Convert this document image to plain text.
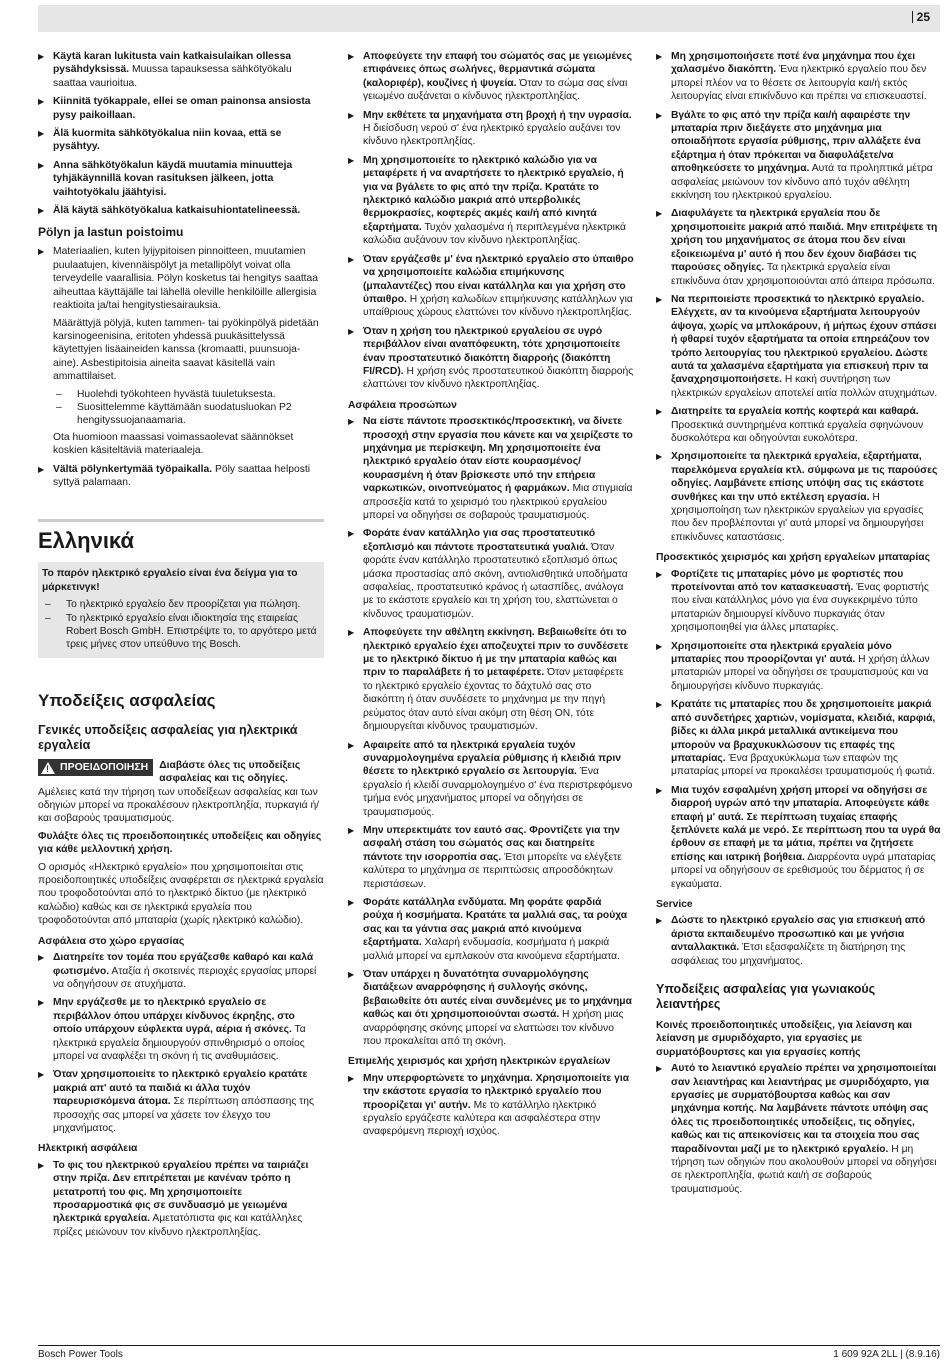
25
▶ Käytä karan lukitusta vain katkaisulaikan ollessa pysähdyksissä. Muussa tapauksessa sähkötyökalu saattaa vaurioitua.
▶ Kiinnitä työkappale, ellei se oman painonsa ansiosta pysy paikoillaan.
▶ Älä kuormita sähkötyökalua niin kovaa, että se pysähtyy.
▶ Anna sähkötyökalun käydä muutamia minuutteja tyhjäkäynnillä kovan rasituksen jälkeen, jotta vaihtotyökalu jäähtyisi.
▶ Älä käytä sähkötyökalua katkaisuhiontatelineessä.
Pölyn ja lastun poistoimu

▶ Materiaalien, kuten lyijypitoisen pinnoitteen, muutamien puulaatujen, kivennäispölyt ja metallipölyt voivat olla terveydelle vaarallisia. Pölyn kosketus tai hengitys saattaa aiheuttaa käyttäjälle tai lähellä oleville henkilöille allergisia reaktioita ja/tai hengitystiesairauksia.

Määrättyjä pölyjä, kuten tammen- tai pyökinpölyä pidetään karsinogeenisina, eritoten yhdessä puukäsittelyssä käytettyjen lisäaineiden kanssa (kromaatti, puunsuoja-aine). Asbestipitoisia aineita saavat käsitellä vain ammattilaiset.

– Huolehdi työkohteen hyvästä tuuletuksesta.

– Suosittelemme käyttämään suodatusluokan P2 hengityssuojanaamaria.

Ota huomioon maassasi voimassaolevat säännökset koskien käsiteltäviä materiaaleja.

▶ Vältä pölynkertymää työpaikalla. Pöly saattaa helposti syttyä palamaan.
Ελληνικά

Το παρόν ηλεκτρικό εργαλείο είναι ένα δείγμα για το μάρκετινγκ!

– Το ηλεκτρικό εργαλείο δεν προορίζεται για πώληση.

– Το ηλεκτρικό εργαλείο είναι ιδιοκτησία της εταιρείας Robert Bosch GmbH. Επιστρέψτε το, το αργότερο μετά τρεις μήνες στον υπεύθυνο της Bosch.

Υποδείξεις ασφαλείας
Γενικές υποδείξεις ασφαλείας για ηλεκτρικά εργαλεία
!
ΠΡΟΕΙΔΟΠΟΙΗΣΗ	Διαβάστε όλες τις υποδείξεις ασφαλείας και τις οδηγίες.

Αμέλειες κατά την τήρηση των υποδείξεων ασφαλείας και των οδηγιών μπορεί να προκαλέσουν ηλεκτροπληξία, πυρκαγιά ή/και σοβαρούς τραυματισμούς.

Φυλάξτε όλες τις προειδοποιητικές υποδείξεις και οδηγίες για κάθε μελλοντική χρήση.

Ο ορισμός «Ηλεκτρικό εργαλείο» που χρησιμοποιείται στις προειδοποιητικές υποδείξεις αναφέρεται σε ηλεκτρικά εργαλεία που τροφοδοτούνται από το ηλεκτρικό δίκτυο (με ηλεκτρικό καλώδιο) καθώς και σε ηλεκτρικά εργαλεία που τροφοδοτούνται από μπαταρία (χωρίς ηλεκτρικό καλώδιο).

Ασφάλεια στο χώρο εργασίας
▶ Διατηρείτε τον τομέα που εργάζεσθε καθαρό και καλά φωτισμένο. Αταξία ή σκοτεινές περιοχές εργασίας μπορεί να οδηγήσουν σε ατυχήματα.
▶ Μην εργάζεσθε με το ηλεκτρικό εργαλείο σε περιβάλλον όπου υπάρχει κίνδυνος έκρηξης, στο οποίο υπάρχουν εύφλεκτα υγρά, αέρια ή σκόνες. Τα ηλεκτρικά εργαλεία δημιουργούν σπινθηρισμό ο οποίος μπορεί να αναφλέξει τη σκόνη ή τις αναθυμιάσεις.
▶ Όταν χρησιμοποιείτε το ηλεκτρικό εργαλείο κρατάτε μακριά απ' αυτό τα παιδιά κι άλλα τυχόν παρευρισκόμενα άτομα. Σε περίπτωση απόσπασης της προσοχής σας μπορεί να χάσετε τον έλεγχο του μηχανήματος.
Ηλεκτρική ασφάλεια
▶ Το φις του ηλεκτρικού εργαλείου πρέπει να ταιριάζει στην πρίζα. Δεν επιτρέπεται με κανέναν τρόπο η μετατροπή του φις. Μη χρησιμοποιείτε προσαρμοστικά φις σε συνδυασμό με γειωμένα ηλεκτρικά εργαλεία. Αμετατόπιστα φις και κατάλληλες πρίζες μειώνουν τον κίνδυνο ηλεκτροπληξίας.
▶ Αποφεύγετε την επαφή του σώματός σας με γειωμένες επιφάνειες όπως σωλήνες, θερμαντικά σώματα (καλοριφέρ), κουζίνες ή ψυγεία. Όταν το σώμα σας είναι γειωμένο αυξάνεται ο κίνδυνος ηλεκτροπληξίας.
▶ Μην εκθέτετε τα μηχανήματα στη βροχή ή την υγρασία. Η διείσδυση νερού σ' ένα ηλεκτρικό εργαλείο αυξάνει τον κίνδυνο ηλεκτροπληξίας.
▶ Μη χρησιμοποιείτε το ηλεκτρικό καλώδιο για να μεταφέρετε ή να αναρτήσετε το ηλεκτρικό εργαλείο, ή για να βγάλετε το φις από την πρίζα. Κρατάτε το ηλεκτρικό καλώδιο μακριά από υπερβολικές θερμοκρασίες, κοφτερές ακμές και/ή από κινητά εξαρτήματα. Τυχόν χαλασμένα ή περιπλεγμένα ηλεκτρικά καλώδια αυξάνουν τον κίνδυνο ηλεκτροπληξίας.
▶ Όταν εργάζεσθε μ' ένα ηλεκτρικό εργαλείο στο ύπαιθρο να χρησιμοποιείτε καλώδια επιμήκυνσης (μπαλαντέζες) που είναι κατάλληλα και για χρήση στο ύπαιθρο. Η χρήση καλωδίων επιμήκυνσης κατάλληλων για υπαίθριους χώρους ελαττώνει τον κίνδυνο ηλεκτροπληξίας.
▶ Όταν η χρήση του ηλεκτρικού εργαλείου σε υγρό περιβάλλον είναι αναπόφευκτη, τότε χρησιμοποιείτε έναν προστατευτικό διακόπτη διαρροής (διακόπτη FI/RCD). Η χρήση ενός προστατευτικού διακόπτη διαρροής ελαττώνει τον κίνδυνο ηλεκτροπληξίας.
Ασφάλεια προσώπων
▶ Να είστε πάντοτε προσεκτικός/προσεκτική, να δίνετε προσοχή στην εργασία που κάνετε και να χειρίζεστε το μηχάνημα με περίσκεψη. Μη χρησιμοποιείτε ένα ηλεκτρικό εργαλείο όταν είστε κουρασμένος/ κουρασμένη ή όταν βρίσκεστε υπό την επήρεια ναρκωτικών, οινοπνεύματος ή φαρμάκων. Μια στιγμιαία απροσεξία κατά το χειρισμό του ηλεκτρικού εργαλείου μπορεί να οδηγήσει σε σοβαρούς τραυματισμούς.
▶ Φοράτε έναν κατάλληλο για σας προστατευτικό εξοπλισμό και πάντοτε προστατευτικά γυαλιά. Όταν φοράτε έναν κατάλληλο προστατευτικό εξοπλισμό όπως μάσκα προστασίας από σκόνη, αντιολισθητικά υποδήματα ασφαλείας, προστατευτικό κράνος ή ωτασπίδες, ανάλογα με το εκάστοτε εργαλείο και τη χρήση του, ελαττώνεται ο κίνδυνος τραυματισμών.
▶ Αποφεύγετε την αθέλητη εκκίνηση. Βεβαιωθείτε ότι το ηλεκτρικό εργαλείο έχει αποζευχτεί πριν το συνδέσετε με το ηλεκτρικό δίκτυο ή με την μπαταρία καθώς και πριν το παραλάβετε ή το μεταφέρετε. Όταν μεταφέρετε το ηλεκτρικό εργαλείο έχοντας το δάχτυλό σας στο διακόπτη ή όταν συνδέσετε το μηχάνημα με την πηγή ρεύματος όταν αυτό είναι ακόμη στη θέση ON, τότε δημιουργείται κίνδυνος τραυματισμών.
▶ Αφαιρείτε από τα ηλεκτρικά εργαλεία τυχόν συναρμολογημένα εργαλεία ρύθμισης ή κλειδιά πριν θέσετε το ηλεκτρικό εργαλείο σε λειτουργία. Ένα εργαλείο ή κλειδί συναρμολογημένο σ' ένα περιστρεφόμενο τμήμα ενός μηχανήματος μπορεί να οδηγήσει σε τραυματισμούς.
▶ Μην υπερεκτιμάτε τον εαυτό σας. Φροντίζετε για την ασφαλή στάση του σώματός σας και διατηρείτε πάντοτε την ισορροπία σας. Έτσι μπορείτε να ελέγξετε καλύτερα το μηχάνημα σε περιπτώσεις απροσδόκητων περιστάσεων.
▶ Φοράτε κατάλληλα ενδύματα. Μη φοράτε φαρδιά ρούχα ή κοσμήματα. Κρατάτε τα μαλλιά σας, τα ρούχα σας και τα γάντια σας μακριά από κινούμενα εξαρτήματα. Χαλαρή ενδυμασία, κοσμήματα ή μακριά μαλλιά μπορεί να εμπλακούν στα κινούμενα εξαρτήματα.
▶ Όταν υπάρχει η δυνατότητα συναρμολόγησης διατάξεων αναρρόφησης ή συλλογής σκόνης, βεβαιωθείτε ότι αυτές είναι συνδεμένες με το μηχάνημα καθώς και ότι χρησιμοποιούνται σωστά. Η χρήση μιας αναρρόφησης σκόνης μπορεί να ελαττώσει τον κίνδυνο που προκαλείται από τη σκόνη.
Επιμελής χειρισμός και χρήση ηλεκτρικών εργαλείων
▶ Μην υπερφορτώνετε το μηχάνημα. Χρησιμοποιείτε για την εκάστοτε εργασία το ηλεκτρικό εργαλείο που προορίζεται γι' αυτήν. Με το κατάλληλο ηλεκτρικό εργαλείο εργάζεστε καλύτερα και ασφαλέστερα στην αναφερόμενη περιοχή ισχύος.
▶ Μη χρησιμοποιήσετε ποτέ ένα μηχάνημα που έχει χαλασμένο διακόπτη. Ένα ηλεκτρικό εργαλείο που δεν μπορεί πλέον να το θέσετε σε λειτουργία και/ή εκτός λειτουργίας είναι επικίνδυνο και πρέπει να επισκευαστεί.
▶ Βγάλτε το φις από την πρίζα και/ή αφαιρέστε την μπαταρία πριν διεξάγετε στο μηχάνημα μια οποιαδήποτε εργασία ρύθμισης, πριν αλλάξετε ένα εξάρτημα ή όταν πρόκειται να διαφυλάξετε/να αποθηκεύσετε το μηχάνημα. Αυτά τα προληπτικά μέτρα ασφαλείας μειώνουν τον κίνδυνο από τυχόν αθέλητη εκκίνηση του ηλεκτρικού εργαλείου.
▶ Διαφυλάγετε τα ηλεκτρικά εργαλεία που δε χρησιμοποιείτε μακριά από παιδιά. Μην επιτρέψετε τη χρήση του μηχανήματος σε άτομα που δεν είναι εξοικειωμένα μ' αυτό ή που δεν έχουν διαβάσει τις παρούσες οδηγίες. Τα ηλεκτρικά εργαλεία είναι επικίνδυνα όταν χρησιμοποιούνται από άπειρα πρόσωπα.
▶ Να περιποιείστε προσεκτικά το ηλεκτρικό εργαλείο. Ελέγχετε, αν τα κινούμενα εξαρτήματα λειτουργούν άψογα, χωρίς να μπλοκάρουν, ή μήπως έχουν σπάσει ή φθαρεί τυχόν εξαρτήματα τα οποία επηρεάζουν τον τρόπο λειτουργίας του ηλεκτρικού εργαλείου. Δώστε αυτά τα χαλασμένα εξαρτήματα για επισκευή πριν τα ξαναχρησιμοποιήσετε. Η κακή συντήρηση των ηλεκτρικών εργαλείων αποτελεί αιτία πολλών ατυχημάτων.
▶ Διατηρείτε τα εργαλεία κοπής κοφτερά και καθαρά. Προσεκτικά συντηρημένα κοπτικά εργαλεία σφηνώνουν δυσκολότερα και οδηγούνται ευκολότερα.
▶ Χρησιμοποιείτε τα ηλεκτρικά εργαλεία, εξαρτήματα, παρελκόμενα εργαλεία κτλ. σύμφωνα με τις παρούσες οδηγίες. Λαμβάνετε επίσης υπόψη σας τις εκάστοτε συνθήκες και την υπό εκτέλεση εργασία. Η χρησιμοποίηση των ηλεκτρικών εργαλείων για εργασίες που δεν προβλέπονται γι' αυτά μπορεί να δημιουργήσει επικίνδυνες καταστάσεις.
Προσεκτικός χειρισμός και χρήση εργαλείων μπαταρίας
▶ Φορτίζετε τις μπαταρίες μόνο με φορτιστές που προτείνονται από τον κατασκευαστή. Ένας φορτιστής που είναι κατάλληλος μόνο για ένα συγκεκριμένο τύπο μπαταριών δημιουργεί κίνδυνο πυρκαγιάς όταν χρησιμοποιηθεί για άλλες μπαταρίες.
▶ Χρησιμοποιείτε στα ηλεκτρικά εργαλεία μόνο μπαταρίες που προορίζονται γι' αυτά. Η χρήση άλλων μπαταριών μπορεί να οδηγήσει σε τραυματισμούς και να δημιουργήσει κίνδυνο πυρκαγιάς.
▶ Κρατάτε τις μπαταρίες που δε χρησιμοποιείτε μακριά από συνδετήρες χαρτιών, νομίσματα, κλειδιά, καρφιά, βίδες κι άλλα μικρά μεταλλικά αντικείμενα που μπορούν να βραχυκυκλώσουν τις επαφές της μπαταρίας. Ένα βραχυκύκλωμα των επαφών της μπαταρίας μπορεί να προκαλέσει τραυματισμούς ή φωτιά.
▶ Μια τυχόν εσφαλμένη χρήση μπορεί να οδηγήσει σε διαρροή υγρών από την μπαταρία. Αποφεύγετε κάθε επαφή μ' αυτά. Σε περίπτωση τυχαίας επαφής ξεπλύνετε καλά με νερό. Σε περίπτωση που τα υγρά θα έρθουν σε επαφή με τα μάτια, πρέπει να ζητήσετε επίσης και ιατρική βοήθεια. Διαρρέοντα υγρά μπαταρίας μπορεί να οδηγήσουν σε ερεθισμούς του δέρματος ή σε εγκαύματα.
Service
▶ Δώστε το ηλεκτρικό εργαλείο σας για επισκευή από άριστα εκπαιδευμένο προσωπικό και με γνήσια ανταλλακτικά. Έτσι εξασφαλίζετε τη διατήρηση της ασφάλειας του μηχανήματος.
Υποδείξεις ασφαλείας για γωνιακούς λειαντήρες
Κοινές προειδοποιητικές υποδείξεις, για λείανση και λείανση με σμυριδόχαρτο, για εργασίες με συρματόβουρτσες και για εργασίες κοπής
▶ Αυτό το λειαντικό εργαλείο πρέπει να χρησιμοποιείται σαν λειαντήρας και λειαντήρας με σμυριδόχαρτο, για εργασίες με συρματόβουρτσα καθώς και σαν μηχάνημα κοπής. Να λαμβάνετε πάντοτε υπόψη σας όλες τις προειδοποιητικές υποδείξεις, τις οδηγίες, καθώς και τις απεικονίσεις και τα στοιχεία που σας παραδίνονται μαζί με το ηλεκτρικό εργαλείο. Η μη τήρηση των οδηγιών που ακολουθούν μπορεί να οδηγήσει σε ηλεκτροπληξία, φωτιά και/ή σε σοβαρούς τραυματισμούς.
Bosch Power Tools	1 609 92A 2LL | (8.9.16)
